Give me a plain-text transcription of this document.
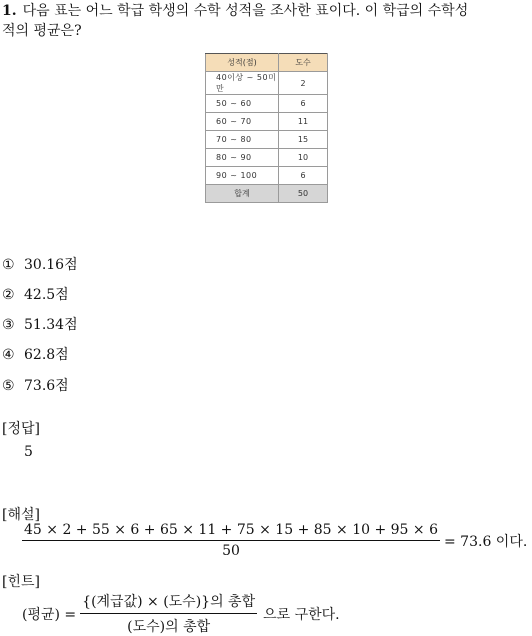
1. 다음 표는 어느 학급 학생의 수학 성적을 조사한 표이다. 이 학급의 수학성
적의 평균은?
성적(점)	도수
40이상 ~ 50미만	2
50 ~ 60	6
60 ~ 70	11
70 ~ 80	15
80 ~ 90	10
90 ~ 100	6
합계	50
① 30.16점
② 42.5점
③ 51.34점
④ 62.8점
⑤ 73.6점
[정답]
5
[해설]
$\frac{45 \times 2 + 55 \times 6 + 65 \times 11 + 75 \times 15 + 85 \times 10 + 95 \times 6}{50} = 73.6$ 이다.
[힌트]
(평균) = $\frac{\text{\{(계급값) × (도수)\}의 총합}}{\text{(도수)의 총합}}$ 으로 구한다.
